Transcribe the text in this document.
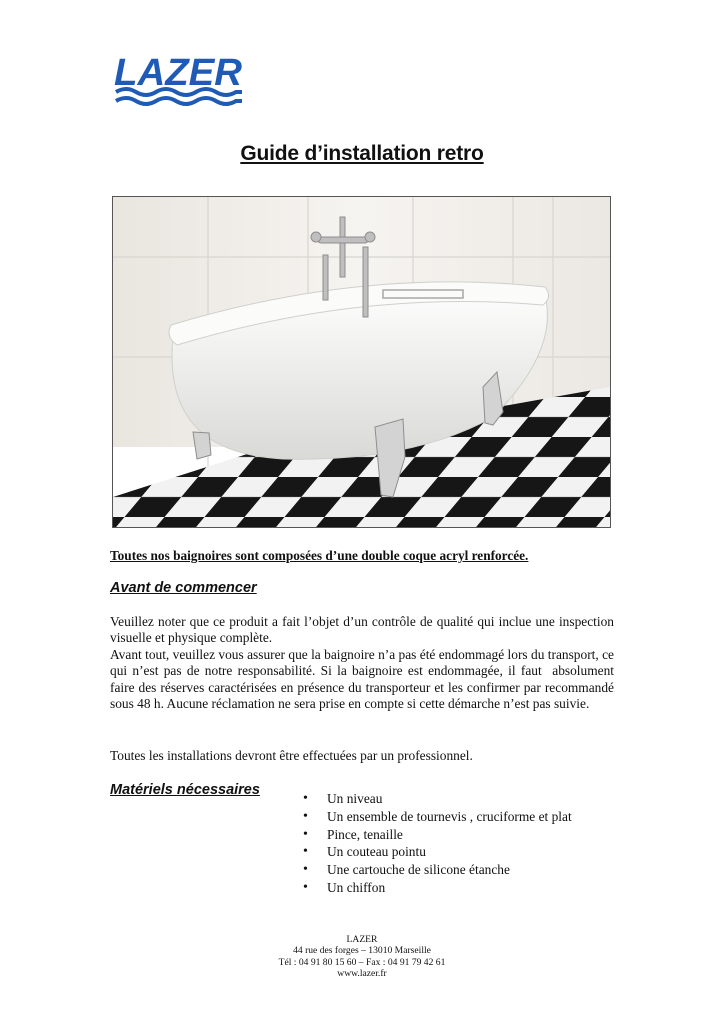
LAZER
Guide d’installation retro
Toutes nos baignoires sont composées d’une double coque acryl renforcée.
Avant de commencer

Veuillez noter que ce produit a fait l’objet d’un contrôle de qualité qui inclue une inspection visuelle et physique complète.

Avant tout, veuillez vous assurer que la baignoire n’a pas été endommagé lors du transport, ce qui n’est pas de notre responsabilité. Si la baignoire est endommagée, il faut  absolument faire des réserves caractérisées en présence du transporteur et les confirmer par recommandé sous 48 h. Aucune réclamation ne sera prise en compte si cette démarche n’est pas suivie.

Toutes les installations devront être effectuées par un professionnel.

Matériels nécessaires
• Un niveau
• Un ensemble de tournevis , cruciforme et plat
• Pince, tenaille
• Un couteau pointu
• Une cartouche de silicone étanche
• Un chiffon
LAZER
44 rue des forges – 13010 Marseille
Tél : 04 91 80 15 60 – Fax : 04 91 79 42 61
www.lazer.fr
